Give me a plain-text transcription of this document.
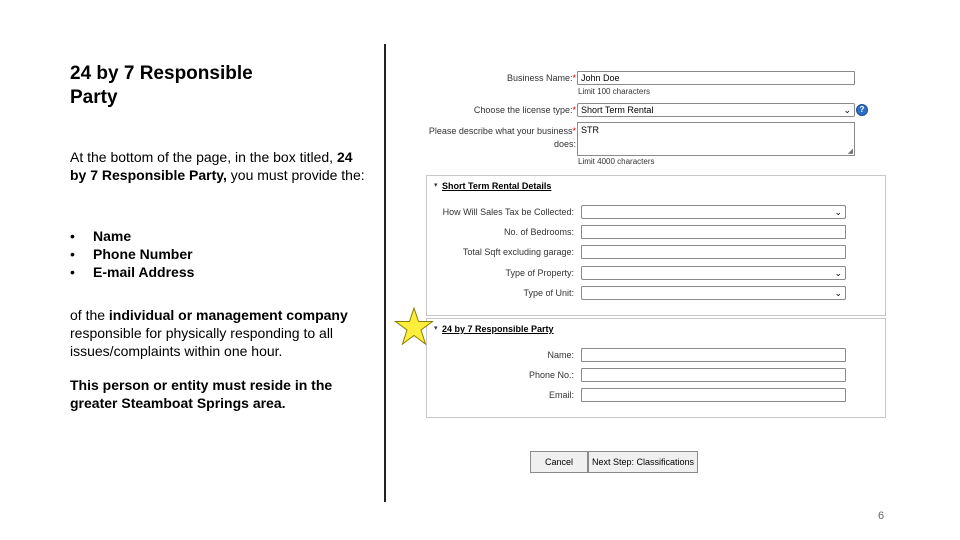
24 by 7 Responsible
Party
At the bottom of the page, in the box titled, 24 by 7 Responsible Party, you must provide the:
• Name
• Phone Number
• E-mail Address
of the individual or management company responsible for physically responding to all issues/complaints within one hour.
This person or entity must reside in the greater Steamboat Springs area.
Business Name:* John Doe
Limit 100 characters
Choose the license type:* Short Term Rental	⌄	?
Please describe what your business*
does:
STR
◢
Limit 4000 characters
▾ Short Term Rental Details
How Will Sales Tax be Collected:	⌄
No. of Bedrooms:
Total Sqft excluding garage:
Type of Property:	⌄
Type of Unit:	⌄
▾ 24 by 7 Responsible Party
Name:
Phone No.:
Email:
Cancel	Next Step: Classifications
6
